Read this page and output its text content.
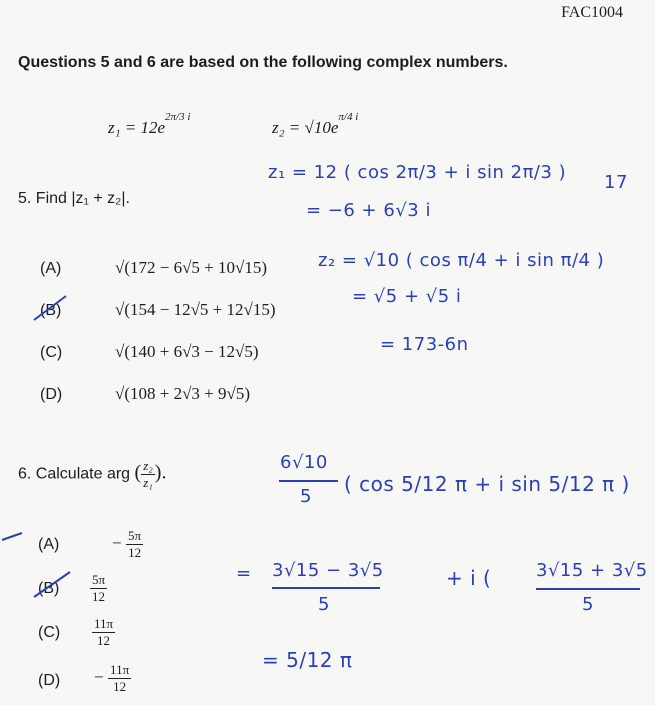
FAC1004
Questions 5 and 6 are based on the following complex numbers.
$z_1 = 12e^{2\pi/3 i}$
$z_2 = √10e^{\pi/4 i}$
5. Find |z₁ + z₂|.
(A)	√(172 − 6√5 + 10√15)
(B)	√(154 − 12√5 + 12√15)
(C)	√(140 + 6√3 − 12√5)
(D)	√(108 + 2√3 + 9√5)
6. Calculate arg ( $\frac{\text{z₂}}{\text{z₁}}$ ).
(A)	− $\frac{5\pi}{12}$
$(B) \frac{5\pi}{12}$
$(C) \frac{11\pi}{12}$
$(D) - \frac{11\pi}{12}$
z₁ = 12 ( cos 2π/3 + i sin 2π/3 ) 17
= −6 + 6√3 i
z₂ = √10 ( cos π/4 + i sin π/4 )
= √5 + √5 i
= 173-6n
6√10
5
( cos 5/12 π + i sin 5/12 π )
= 3√15 − 3√5
5
+ i ( 3√15 + 3√5
5
= 5/12 π
